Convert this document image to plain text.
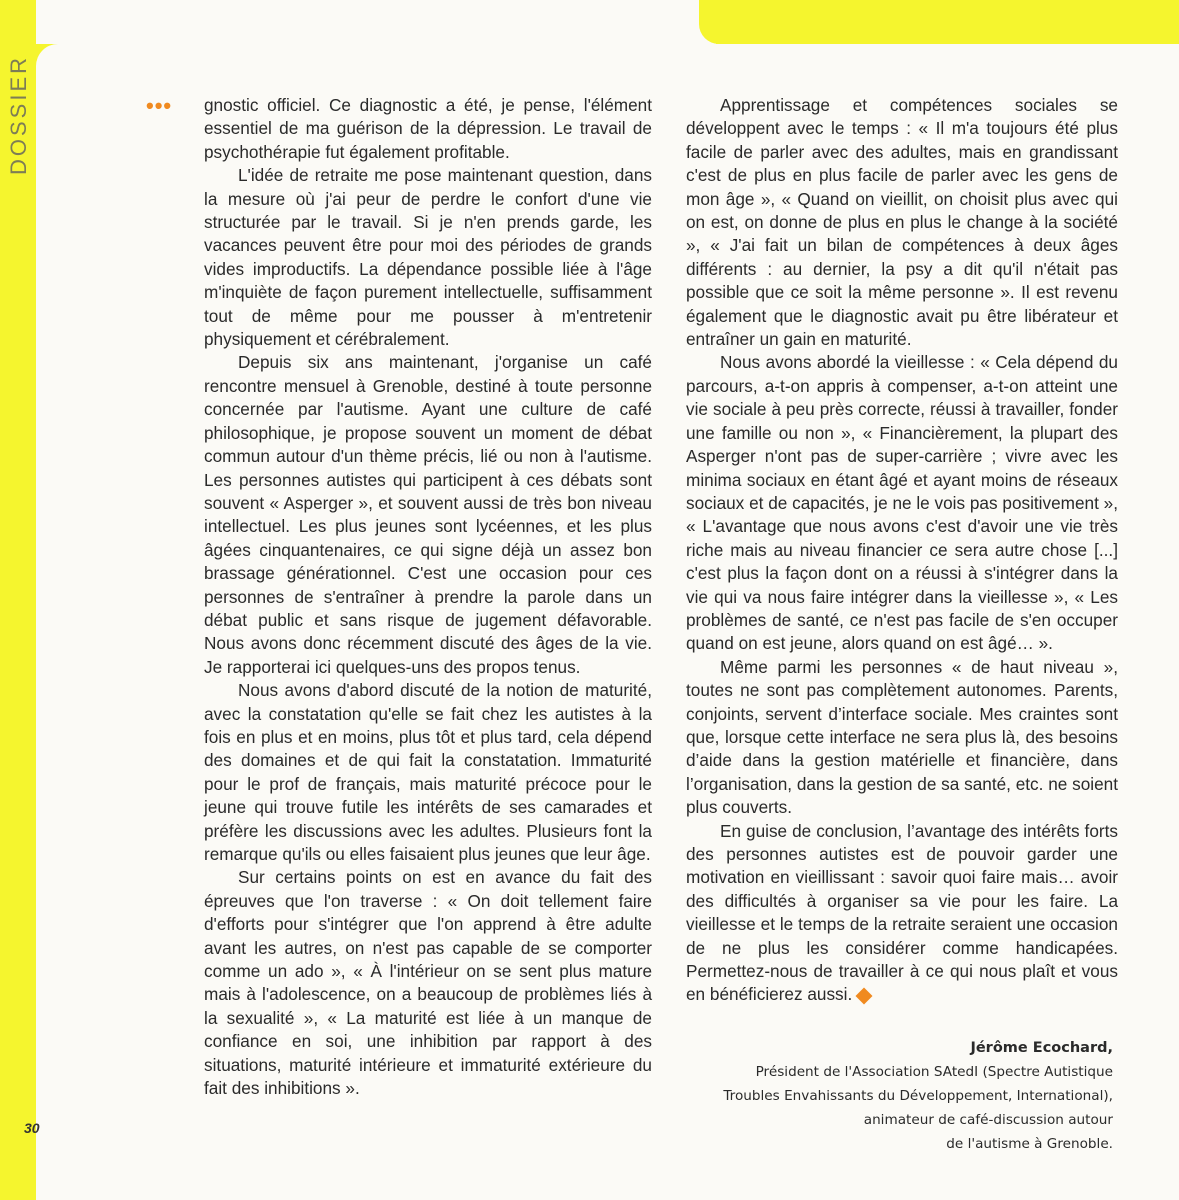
DOSSIER
30
••• gnostic officiel. Ce diagnostic a été, je pense, l'élément essentiel de ma guérison de la dépression. Le travail de psychothérapie fut également profitable.

L'idée de retraite me pose maintenant question, dans la mesure où j'ai peur de perdre le confort d'une vie structurée par le travail. Si je n'en prends garde, les vacances peuvent être pour moi des périodes de grands vides improductifs. La dépendance possible liée à l'âge m'inquiète de façon purement intellectuelle, suffisamment tout de même pour me pousser à m'entretenir physiquement et cérébralement.

Depuis six ans maintenant, j'organise un café rencontre mensuel à Grenoble, destiné à toute personne concernée par l'autisme. Ayant une culture de café philosophique, je propose souvent un moment de débat commun autour d'un thème précis, lié ou non à l'autisme. Les personnes autistes qui participent à ces débats sont souvent « Asperger », et souvent aussi de très bon niveau intellectuel. Les plus jeunes sont lycéennes, et les plus âgées cinquantenaires, ce qui signe déjà un assez bon brassage générationnel. C'est une occasion pour ces personnes de s'entraîner à prendre la parole dans un débat public et sans risque de jugement défavorable. Nous avons donc récemment discuté des âges de la vie. Je rapporterai ici quelques-uns des propos tenus.

Nous avons d'abord discuté de la notion de maturité, avec la constatation qu'elle se fait chez les autistes à la fois en plus et en moins, plus tôt et plus tard, cela dépend des domaines et de qui fait la constatation. Immaturité pour le prof de français, mais maturité précoce pour le jeune qui trouve futile les intérêts de ses camarades et préfère les discussions avec les adultes. Plusieurs font la remarque qu'ils ou elles faisaient plus jeunes que leur âge.

Sur certains points on est en avance du fait des épreuves que l'on traverse : « On doit tellement faire d'efforts pour s'intégrer que l'on apprend à être adulte avant les autres, on n'est pas capable de se comporter comme un ado », « À l'intérieur on se sent plus mature mais à l'adolescence, on a beaucoup de problèmes liés à la sexualité », « La maturité est liée à un manque de confiance en soi, une inhibition par rapport à des situations, maturité intérieure et immaturité extérieure du fait des inhibitions ».

Apprentissage et compétences sociales se développent avec le temps : « Il m'a toujours été plus facile de parler avec des adultes, mais en grandissant c'est de plus en plus facile de parler avec les gens de mon âge », « Quand on vieillit, on choisit plus avec qui on est, on donne de plus en plus le change à la société », « J'ai fait un bilan de compétences à deux âges différents : au dernier, la psy a dit qu'il n'était pas possible que ce soit la même personne ». Il est revenu également que le diagnostic avait pu être libérateur et entraîner un gain en maturité.

Nous avons abordé la vieillesse : « Cela dépend du parcours, a-t-on appris à compenser, a-t-on atteint une vie sociale à peu près correcte, réussi à travailler, fonder une famille ou non », « Financièrement, la plupart des Asperger n'ont pas de super-carrière ; vivre avec les minima sociaux en étant âgé et ayant moins de réseaux sociaux et de capacités, je ne le vois pas positivement », « L'avantage que nous avons c'est d'avoir une vie très riche mais au niveau financier ce sera autre chose [...] c'est plus la façon dont on a réussi à s'intégrer dans la vie qui va nous faire intégrer dans la vieillesse », « Les problèmes de santé, ce n'est pas facile de s'en occuper quand on est jeune, alors quand on est âgé… ».

Même parmi les personnes « de haut niveau », toutes ne sont pas complètement autonomes. Parents, conjoints, servent d’interface sociale. Mes craintes sont que, lorsque cette interface ne sera plus là, des besoins d’aide dans la gestion matérielle et financière, dans l’organisation, dans la gestion de sa santé, etc. ne soient plus couverts.

En guise de conclusion, l’avantage des intérêts forts des personnes autistes est de pouvoir garder une motivation en vieillissant : savoir quoi faire mais… avoir des difficultés à organiser sa vie pour les faire. La vieillesse et le temps de la retraite seraient une occasion de ne plus les considérer comme handicapées. Permettez-nous de travailler à ce qui nous plaît et vous en bénéficierez aussi.

Jérôme Ecochard,
Président de l'Association SAtedI (Spectre Autistique
Troubles Envahissants du Développement, International),
animateur de café-discussion autour
de l'autisme à Grenoble.
